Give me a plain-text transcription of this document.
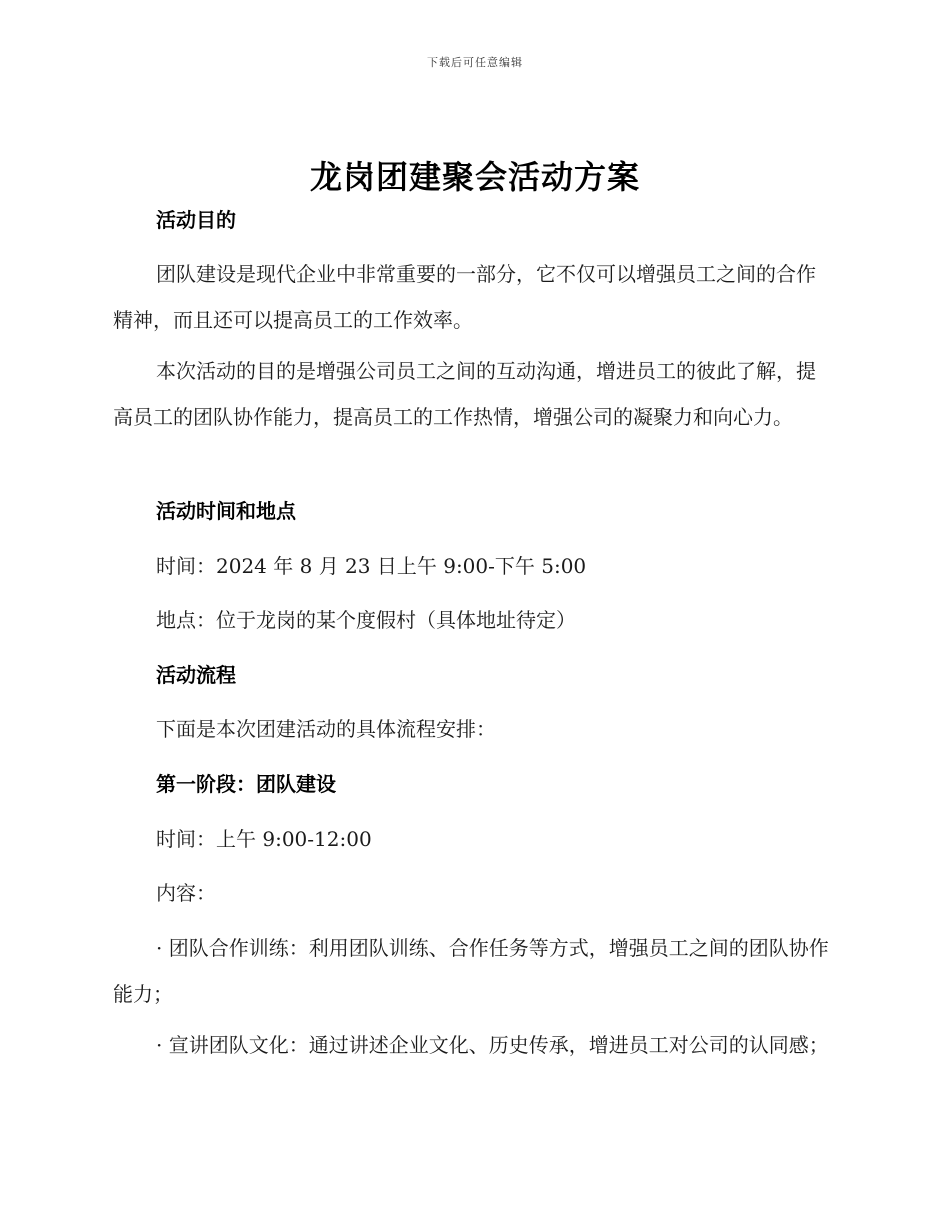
下载后可任意编辑
龙岗团建聚会活动方案
活动目的

团队建设是现代企业中非常重要的一部分，它不仅可以增强员工之间的合作精神，而且还可以提高员工的工作效率。

本次活动的目的是增强公司员工之间的互动沟通，增进员工的彼此了解，提高员工的团队协作能力，提高员工的工作热情，增强公司的凝聚力和向心力。

活动时间和地点

时间：2024 年 8 月 23 日上午 9:00-下午 5:00

地点：位于龙岗的某个度假村（具体地址待定）

活动流程

下面是本次团建活动的具体流程安排：

第一阶段：团队建设

时间：上午 9:00-12:00

内容：

· 团队合作训练：利用团队训练、合作任务等方式，增强员工之间的团队协作能力；

· 宣讲团队文化：通过讲述企业文化、历史传承，增进员工对公司的认同感；
